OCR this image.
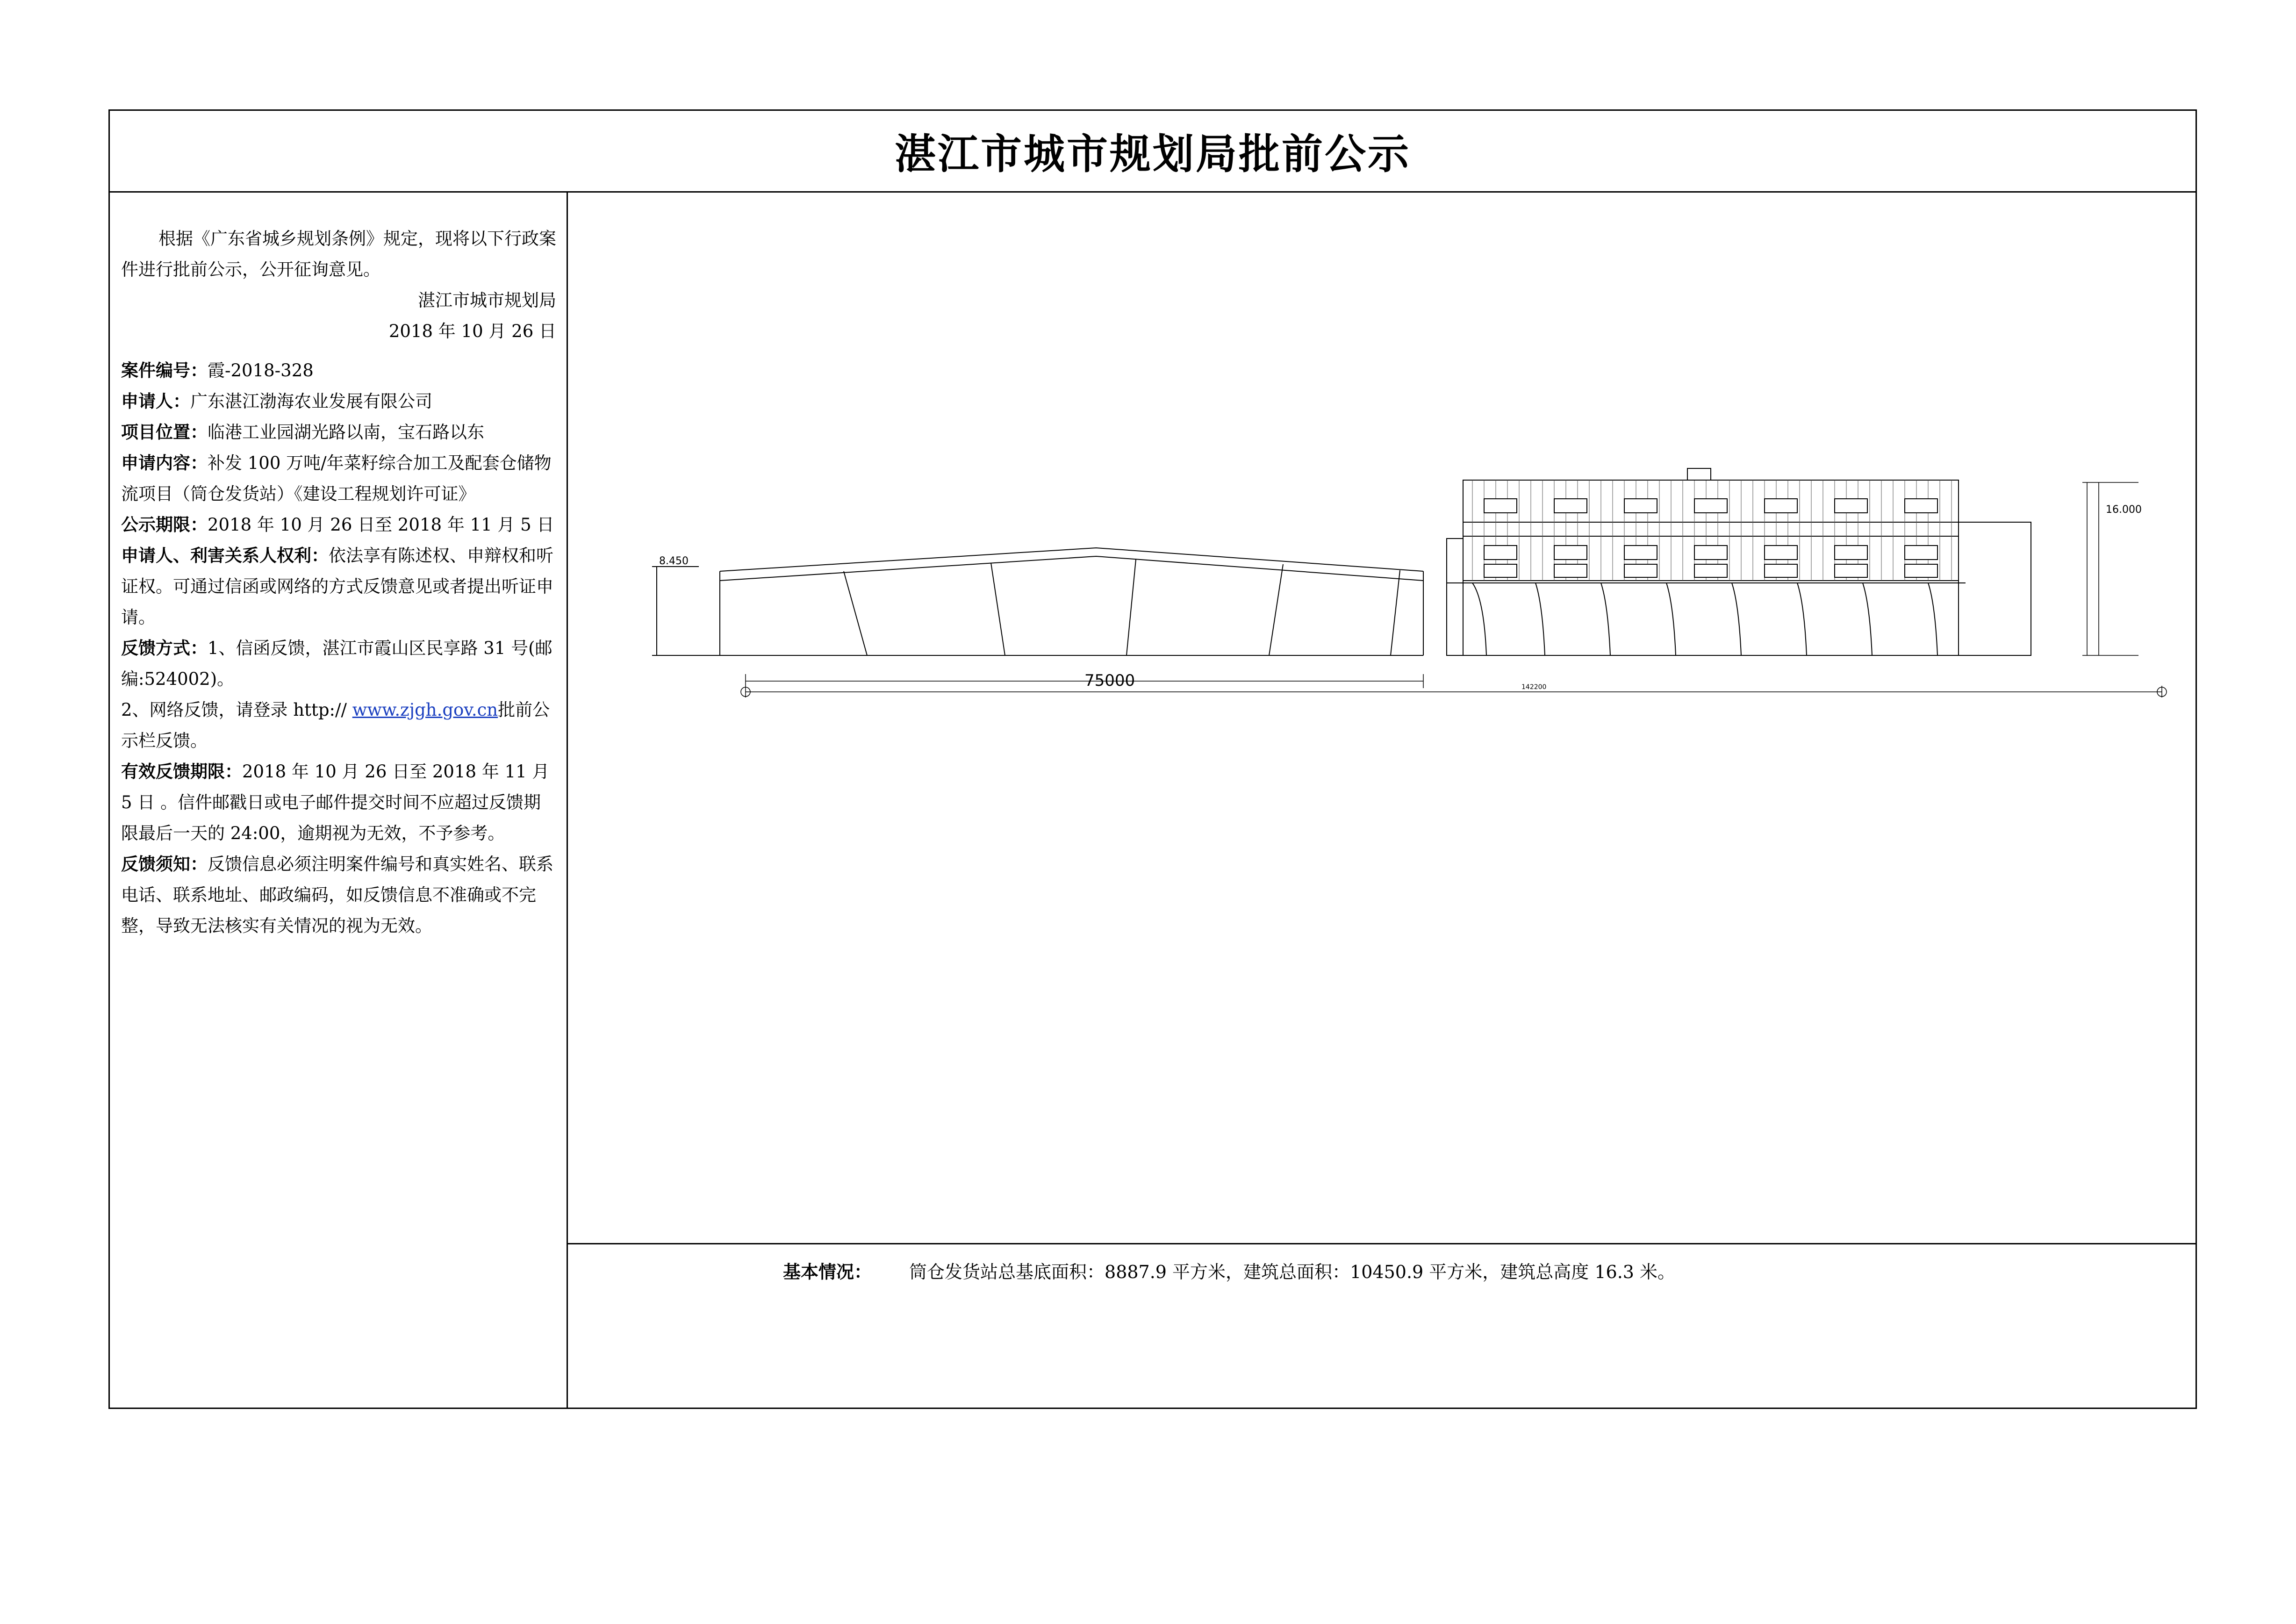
湛江市城市规划局批前公示

根据《广东省城乡规划条例》规定，现将以下行政案件进行批前公示，公开征询意见。

湛江市城市规划局

2018 年 10 月 26 日

案件编号：霞-2018-328

申请人：广东湛江渤海农业发展有限公司

项目位置：临港工业园湖光路以南，宝石路以东

申请内容：补发 100 万吨/年菜籽综合加工及配套仓储物流项目（筒仓发货站）《建设工程规划许可证》

公示期限：2018 年 10 月 26 日至 2018 年 11 月 5 日

申请人、利害关系人权利：依法享有陈述权、申辩权和听证权。可通过信函或网络的方式反馈意见或者提出听证申请。

反馈方式：1、信函反馈，湛江市霞山区民享路 31 号(邮编:524002)。

2、网络反馈，请登录 http:// www.zjgh.gov.cn批前公示栏反馈。

有效反馈期限：2018 年 10 月 26 日至 2018 年 11 月 5 日 。信件邮戳日或电子邮件提交时间不应超过反馈期限最后一天的 24:00，逾期视为无效，不予参考。

反馈须知：反馈信息必须注明案件编号和真实姓名、联系电话、联系地址、邮政编码，如反馈信息不准确或不完整，导致无法核实有关情况的视为无效。

75000	142200
8.450
16.000
基本情况： 筒仓发货站总基底面积：8887.9 平方米，建筑总面积：10450.9 平方米，建筑总高度 16.3 米。
